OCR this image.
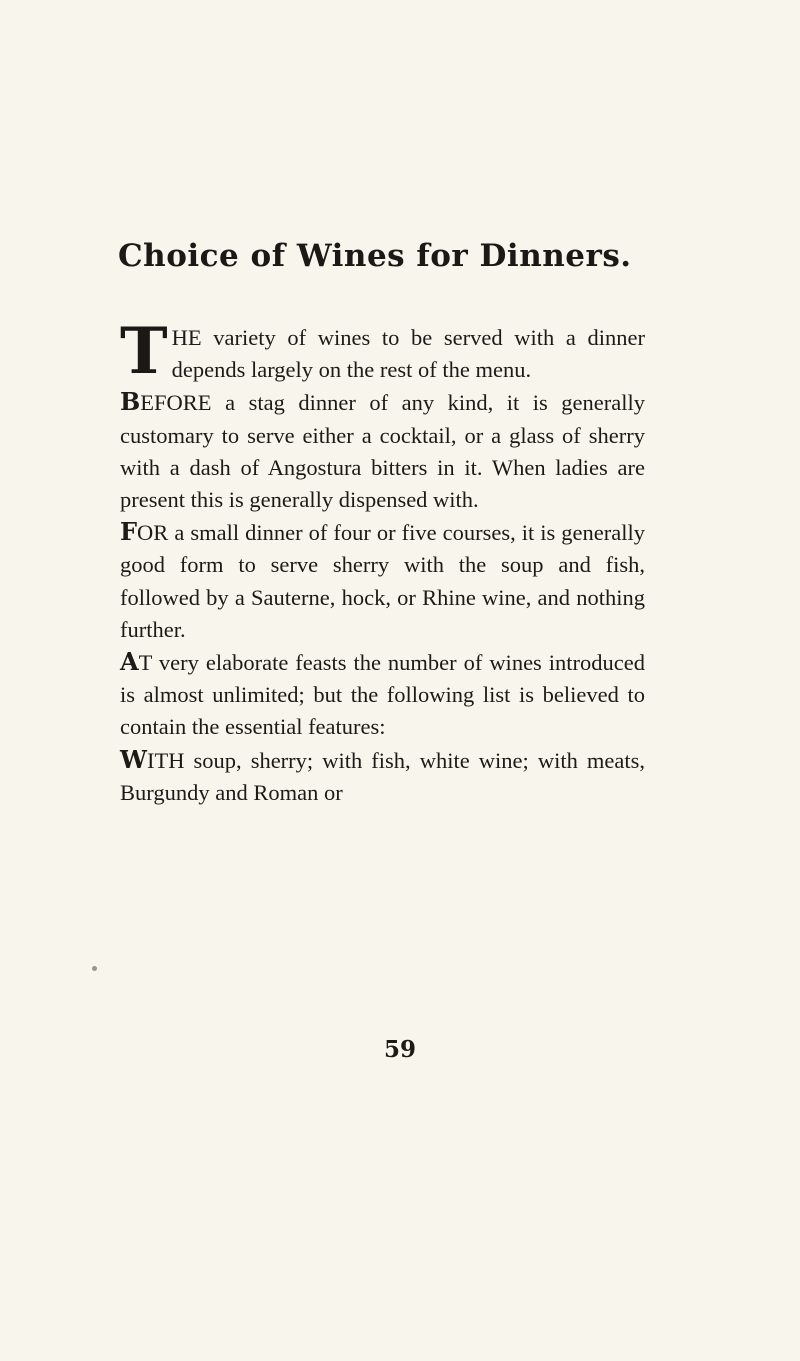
Choice of Wines for Dinners.

THE variety of wines to be served with a dinner depends largely on the rest of the menu.

BEFORE a stag dinner of any kind, it is generally customary to serve either a cocktail, or a glass of sherry with a dash of Angostura bitters in it. When ladies are present this is generally dispensed with.

FOR a small dinner of four or five courses, it is generally good form to serve sherry with the soup and fish, followed by a Sauterne, hock, or Rhine wine, and nothing further.

AT very elaborate feasts the number of wines introduced is almost unlimited; but the following list is believed to contain the essential features:

WITH soup, sherry; with fish, white wine; with meats, Burgundy and Roman or

59
